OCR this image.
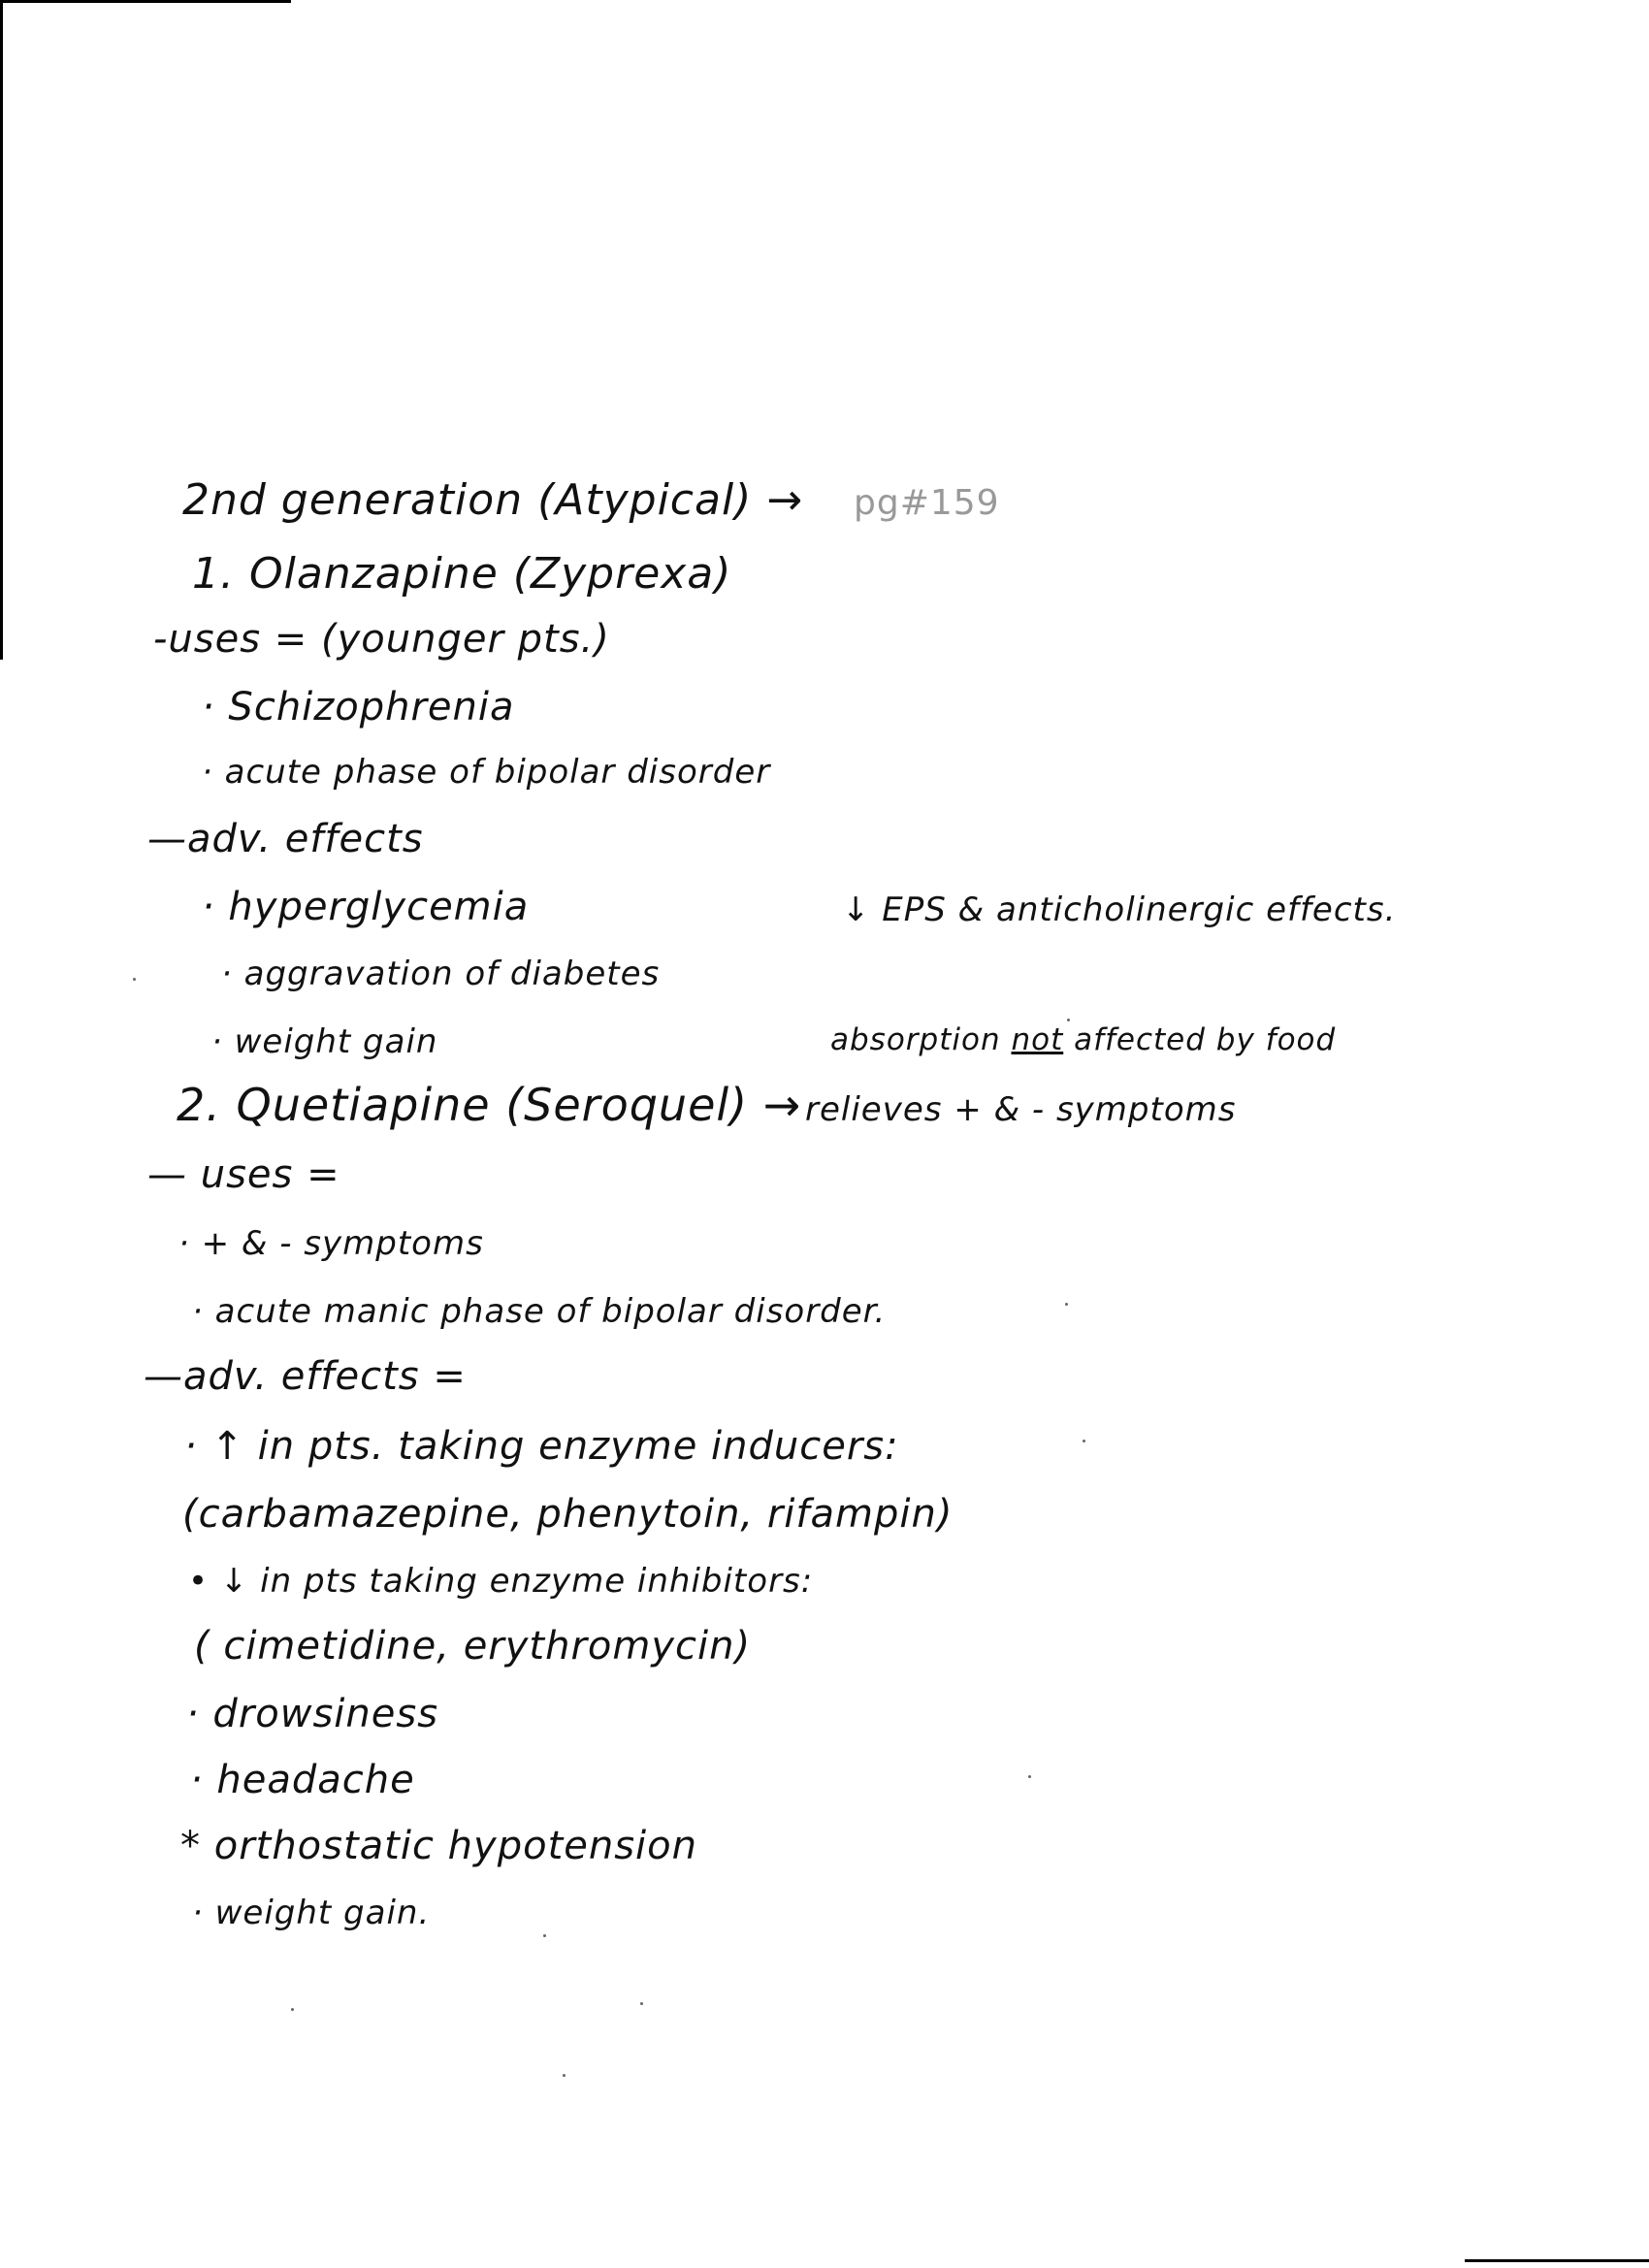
2nd generation (Atypical) → pg#159
1. Olanzapine (Zyprexa)
-uses = (younger pts.)
· Schizophrenia
· acute phase of bipolar disorder
—adv. effects
· hyperglycemia
· aggravation of diabetes
· weight gain
↓ EPS & anticholinergic effects.
absorption not affected by food
2. Quetiapine (Seroquel) → relieves + & - symptoms
— uses =
· + & - symptoms
· acute manic phase of bipolar disorder.
—adv. effects =
· ↑ in pts. taking enzyme inducers:
(carbamazepine, phenytoin, rifampin)
• ↓ in pts taking enzyme inhibitors:
( cimetidine, erythromycin)
· drowsiness
· headache
* orthostatic hypotension
· weight gain.
